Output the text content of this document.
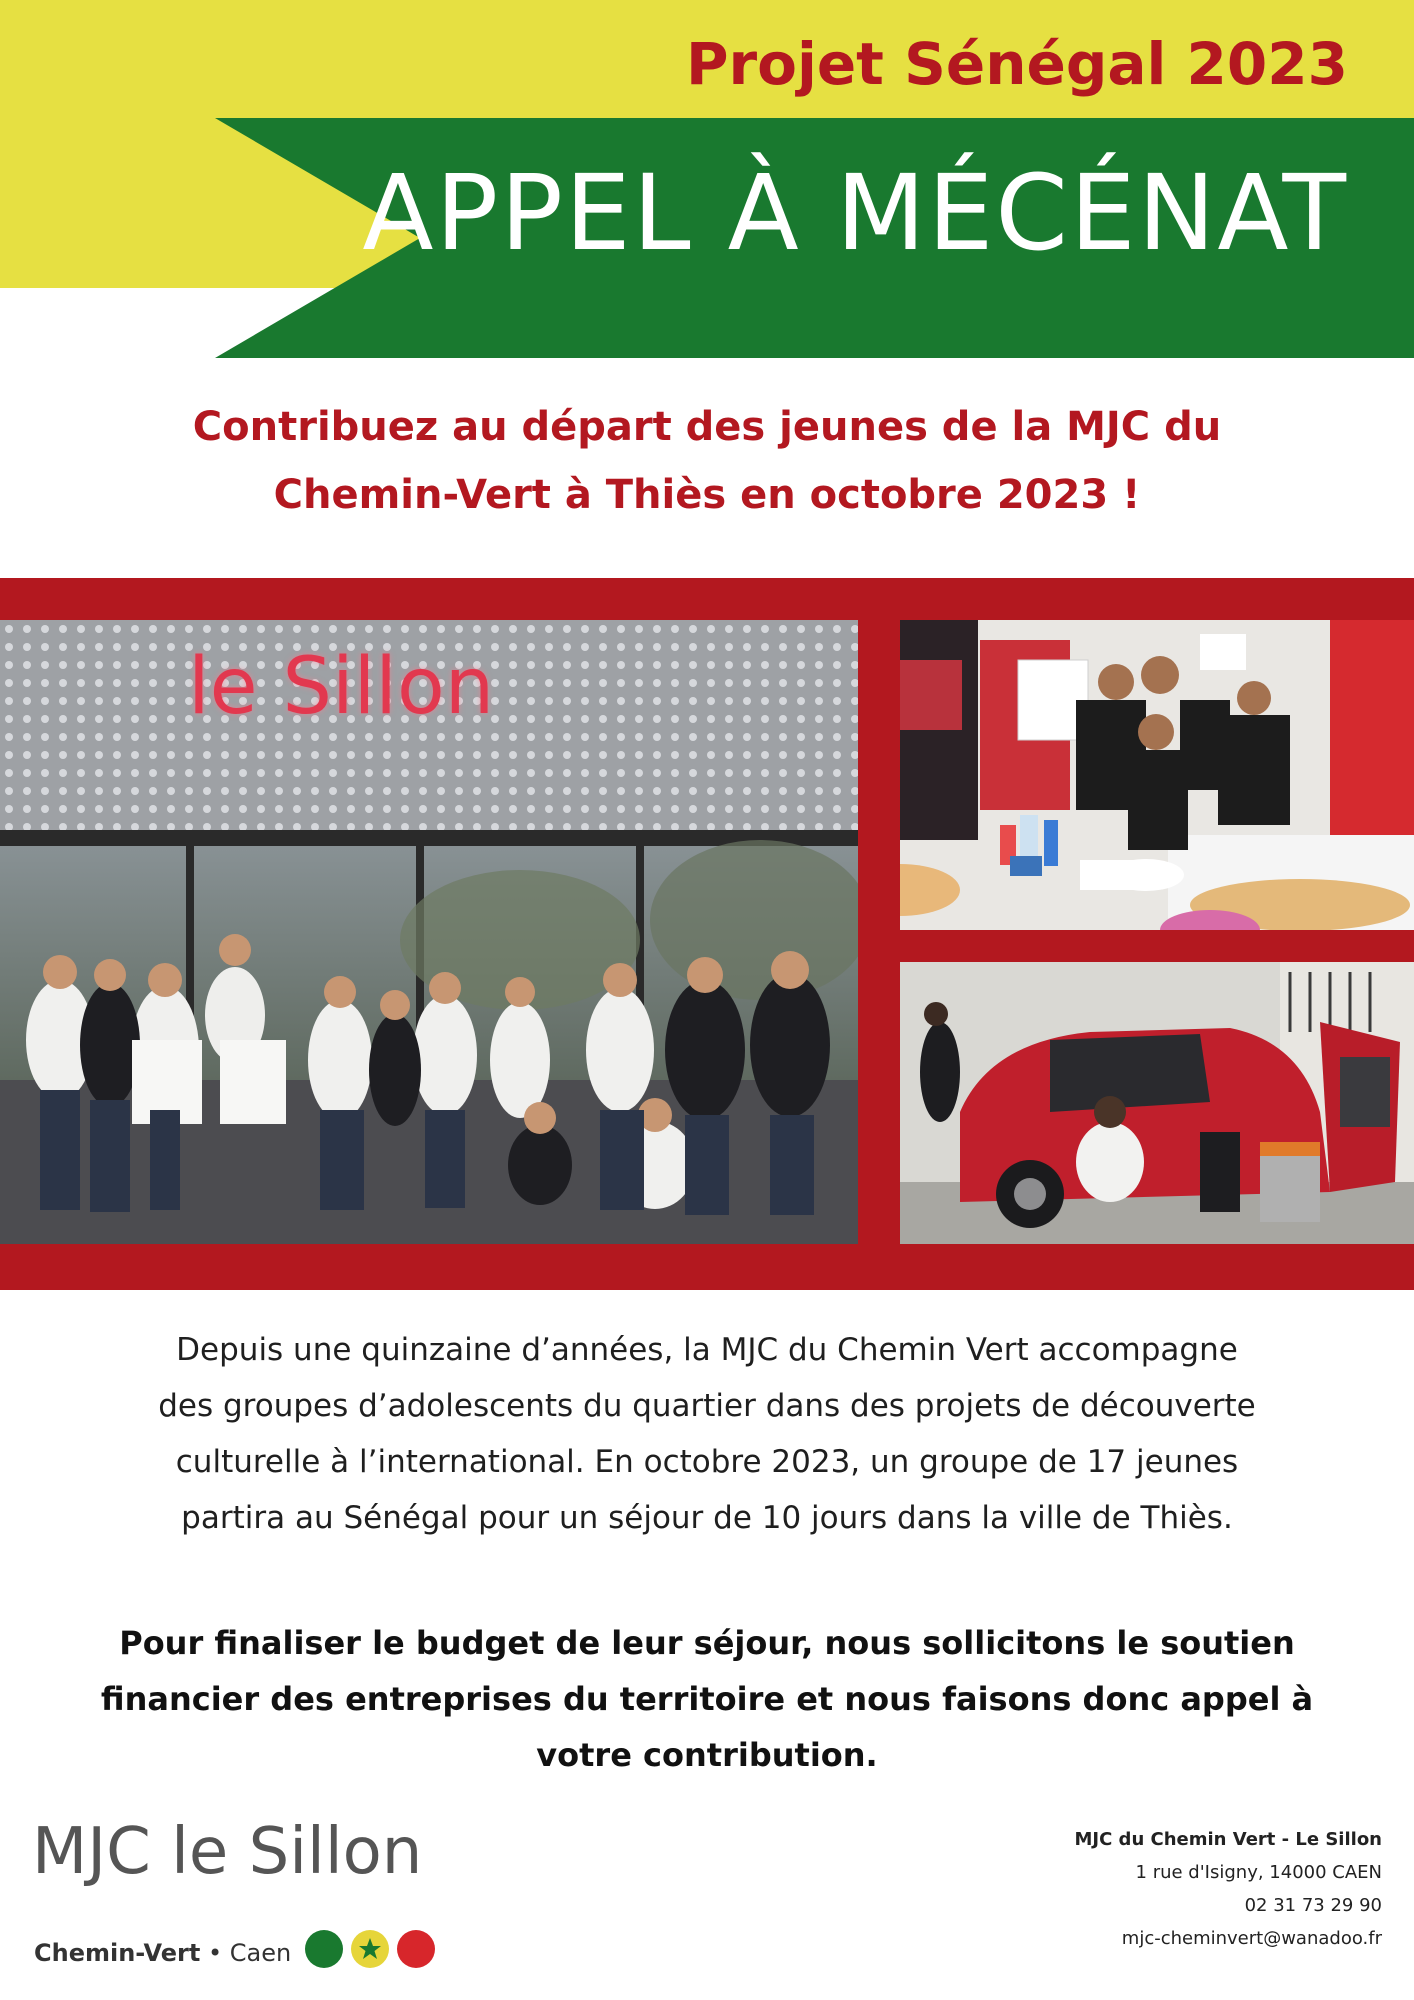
Projet Sénégal 2023
APPEL À MÉCÉNAT
Contribuez au départ des jeunes de la MJC du
Chemin-Vert à Thiès en octobre 2023 !
le Sillon
Depuis une quinzaine d’années, la MJC du Chemin Vert accompagne
des groupes d’adolescents du quartier dans des projets de découverte
culturelle à l’international. En octobre 2023, un groupe de 17 jeunes
partira au Sénégal pour un séjour de 10 jours dans la ville de Thiès.
Pour finaliser le budget de leur séjour, nous sollicitons le soutien
financier des entreprises du territoire et nous faisons donc appel à
votre contribution.
MJC le Sillon
Chemin-Vert • Caen
MJC du Chemin Vert - Le Sillon
1 rue d'Isigny, 14000 CAEN
02 31 73 29 90
mjc-cheminvert@wanadoo.fr
